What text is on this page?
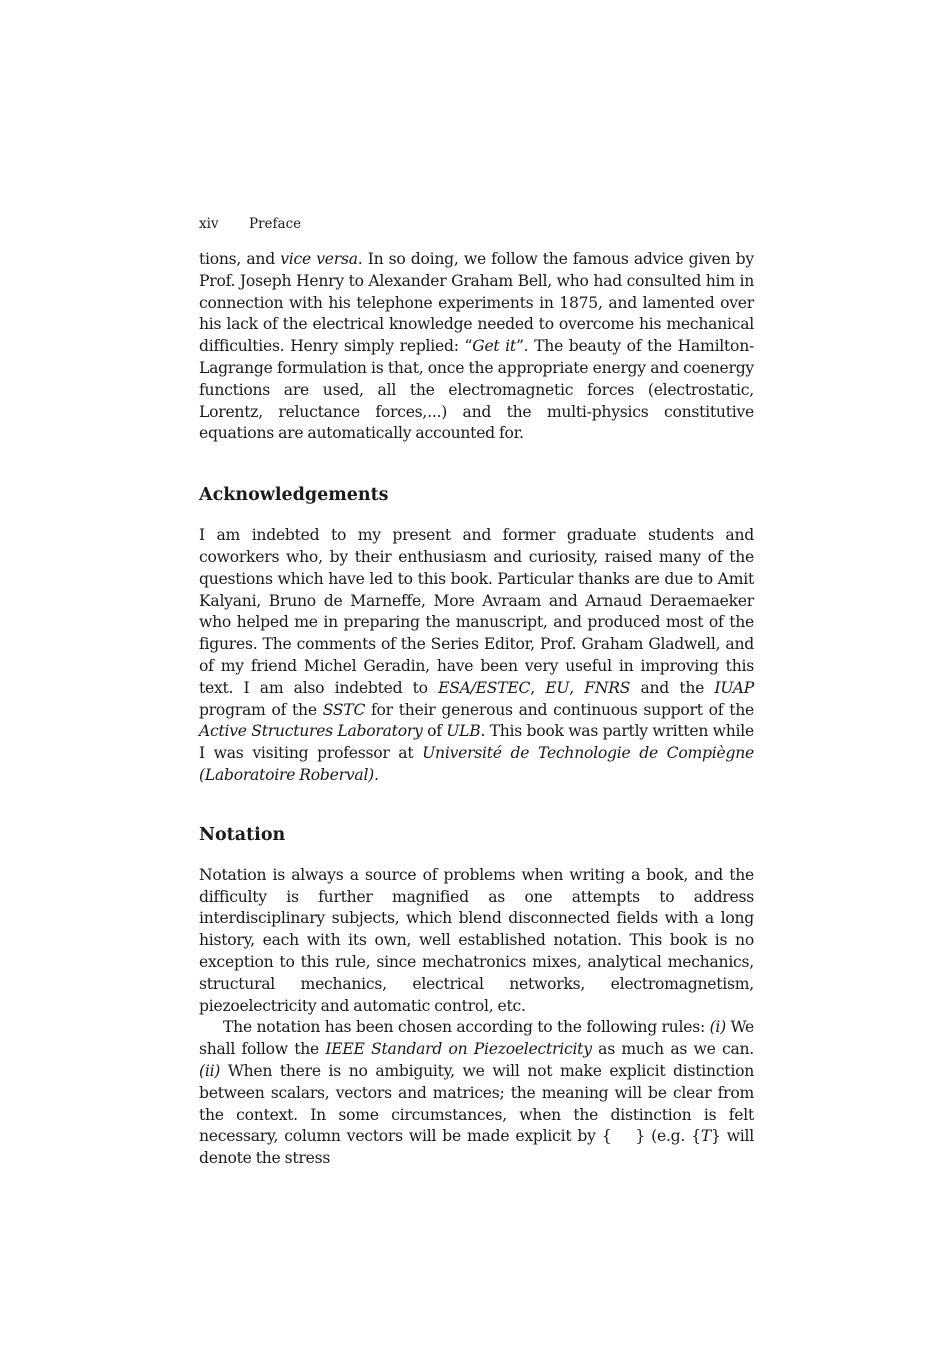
xiv Preface

tions, and vice versa. In so doing, we follow the famous advice given by Prof. Joseph Henry to Alexander Graham Bell, who had consulted him in connection with his telephone experiments in 1875, and lamented over his lack of the electrical knowledge needed to overcome his mechanical difficulties. Henry simply replied: “Get it”. The beauty of the Hamilton-Lagrange formulation is that, once the appropriate energy and coenergy functions are used, all the electromagnetic forces (electrostatic, Lorentz, reluctance forces,...) and the multi-physics constitutive equations are automatically accounted for.

Acknowledgements

I am indebted to my present and former graduate students and coworkers who, by their enthusiasm and curiosity, raised many of the questions which have led to this book. Particular thanks are due to Amit Kalyani, Bruno de Marneffe, More Avraam and Arnaud Deraemaeker who helped me in preparing the manuscript, and produced most of the figures. The comments of the Series Editor, Prof. Graham Gladwell, and of my friend Michel Geradin, have been very useful in improving this text. I am also indebted to ESA/ESTEC, EU, FNRS and the IUAP program of the SSTC for their generous and continuous support of the Active Structures Laboratory of ULB. This book was partly written while I was visiting professor at Université de Technologie de Compiègne (Laboratoire Roberval).

Notation

Notation is always a source of problems when writing a book, and the difficulty is further magnified as one attempts to address interdisciplinary subjects, which blend disconnected fields with a long history, each with its own, well established notation. This book is no exception to this rule, since mechatronics mixes, analytical mechanics, structural mechanics, electrical networks, electromagnetism, piezoelectricity and automatic control, etc.

The notation has been chosen according to the following rules: (i) We shall follow the IEEE Standard on Piezoelectricity as much as we can. (ii) When there is no ambiguity, we will not make explicit distinction between scalars, vectors and matrices; the meaning will be clear from the context. In some circumstances, when the distinction is felt necessary, column vectors will be made explicit by { } (e.g. {T} will denote the stress
